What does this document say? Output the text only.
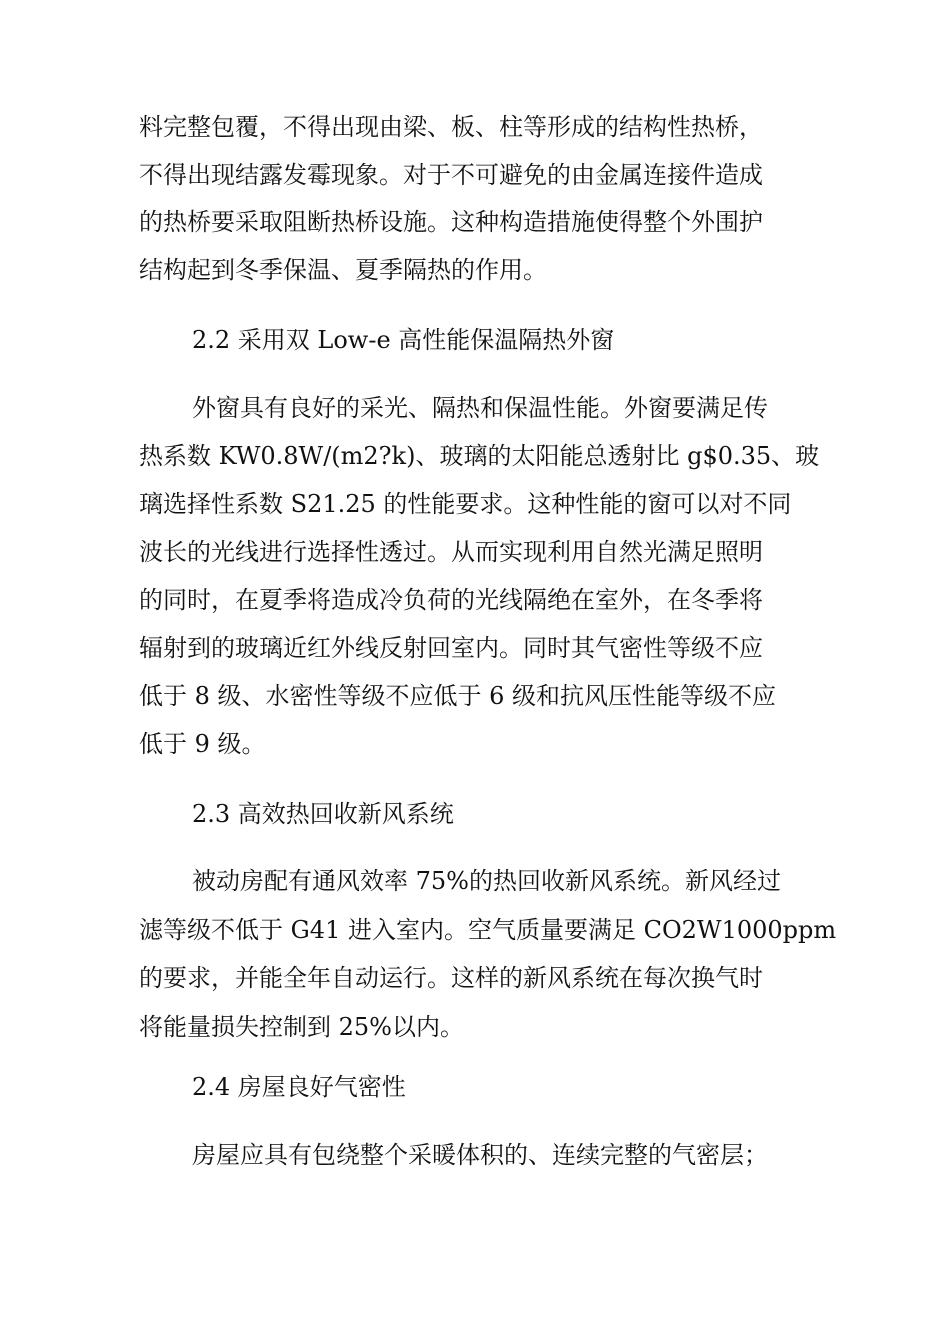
料完整包覆，不得出现由梁、板、柱等形成的结构性热桥，
不得出现结露发霉现象。对于不可避免的由金属连接件造成
的热桥要采取阻断热桥设施。这种构造措施使得整个外围护
结构起到冬季保温、夏季隔热的作用。
2.2 采用双 Low-e 高性能保温隔热外窗
外窗具有良好的采光、隔热和保温性能。外窗要满足传
热系数 KW0.8W/(m2?k)、玻璃的太阳能总透射比 g$0.35、玻
璃选择性系数 S21.25 的性能要求。这种性能的窗可以对不同
波长的光线进行选择性透过。从而实现利用自然光满足照明
的同时，在夏季将造成冷负荷的光线隔绝在室外，在冬季将
辐射到的玻璃近红外线反射回室内。同时其气密性等级不应
低于 8 级、水密性等级不应低于 6 级和抗风压性能等级不应
低于 9 级。
2.3 高效热回收新风系统
被动房配有通风效率 75%的热回收新风系统。新风经过
滤等级不低于 G41 进入室内。空气质量要满足 CO2W1000ppm
的要求，并能全年自动运行。这样的新风系统在每次换气时
将能量损失控制到 25%以内。
2.4 房屋良好气密性
房屋应具有包绕整个采暖体积的、连续完整的气密层；
